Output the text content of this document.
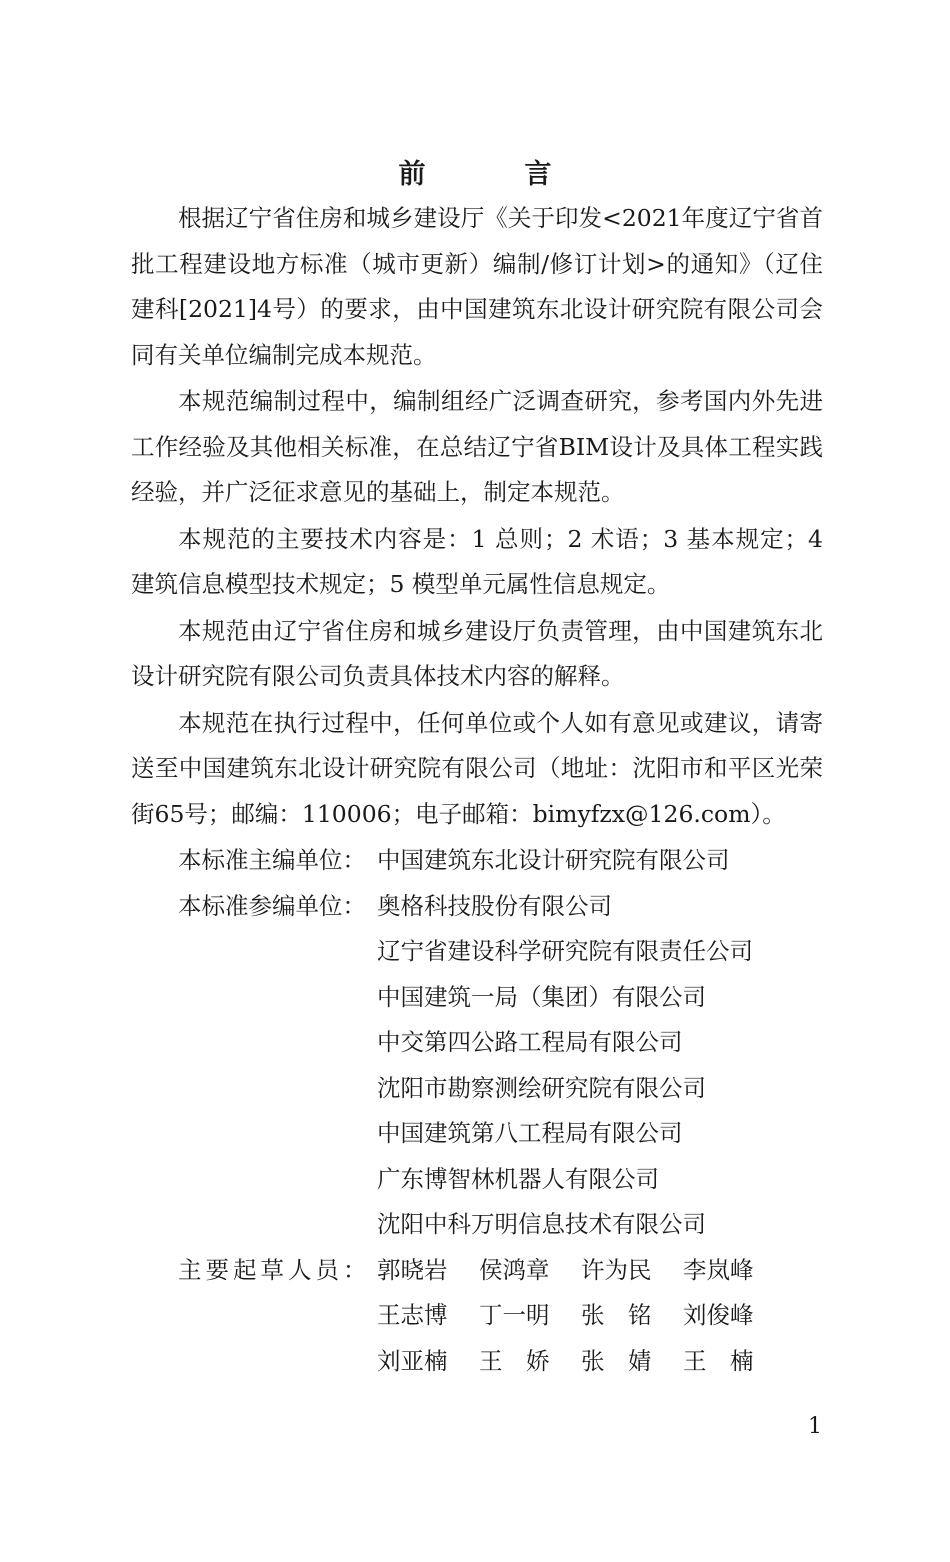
前　言

根据辽宁省住房和城乡建设厅《关于印发<2021年度辽宁省首批工程建设地方标准（城市更新）编制/修订计划>的通知》（辽住建科[2021]4号）的要求，由中国建筑东北设计研究院有限公司会同有关单位编制完成本规范。

本规范编制过程中，编制组经广泛调查研究，参考国内外先进工作经验及其他相关标准，在总结辽宁省BIM设计及具体工程实践经验，并广泛征求意见的基础上，制定本规范。

本规范的主要技术内容是：1 总则；2 术语；3 基本规定；4 建筑信息模型技术规定；5 模型单元属性信息规定。

本规范由辽宁省住房和城乡建设厅负责管理，由中国建筑东北设计研究院有限公司负责具体技术内容的解释。

本规范在执行过程中，任何单位或个人如有意见或建议，请寄送至中国建筑东北设计研究院有限公司（地址：沈阳市和平区光荣街65号；邮编：110006；电子邮箱：bimyfzx@126.com）。

本标准主编单位： 中国建筑东北设计研究院有限公司
本标准参编单位： 奥格科技股份有限公司
辽宁省建设科学研究院有限责任公司
中国建筑一局（集团）有限公司
中交第四公路工程局有限公司
沈阳市勘察测绘研究院有限公司
中国建筑第八工程局有限公司
广东博智林机器人有限公司
沈阳中科万明信息技术有限公司
主要起草人员： 郭晓岩	侯鸿章	许为民	李岚峰
王志博	丁一明	张　铭	刘俊峰
刘亚楠	王　娇	张　婧	王　楠
1
